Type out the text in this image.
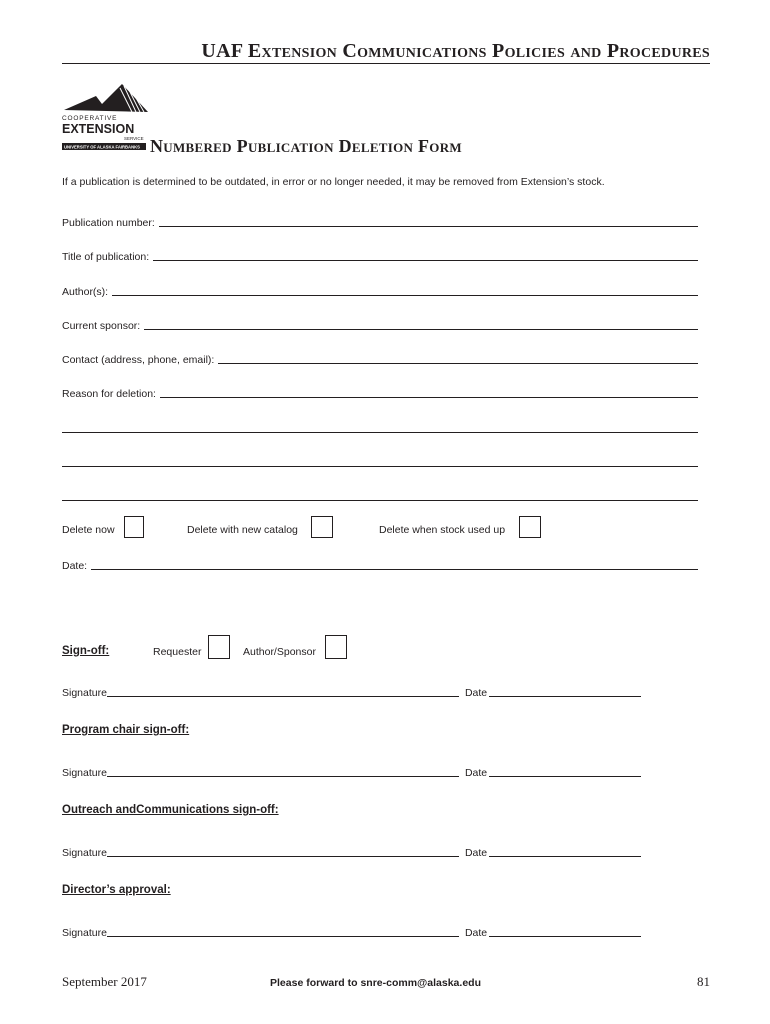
UAF Extension Communications Policies and Procedures
COOPERATIVE
EXTENSION
SERVICE
UNIVERSITY OF ALASKA FAIRBANKS Numbered Publication Deletion Form
If a publication is determined to be outdated, in error or no longer needed, it may be removed from Extension’s stock.
Publication number:
Title of publication:
Author(s):
Current sponsor:
Contact (address, phone, email):
Reason for deletion:
Delete now	Delete with new catalog	Delete when stock used up
Date:
Sign-off:	Requester	Author/Sponsor
Signature	Date
Program chair sign-off:
Signature	Date
Outreach andCommunications sign-off:
Signature	Date
Director’s approval:
Signature	Date
September 2017	Please forward to snre-comm@alaska.edu	81
